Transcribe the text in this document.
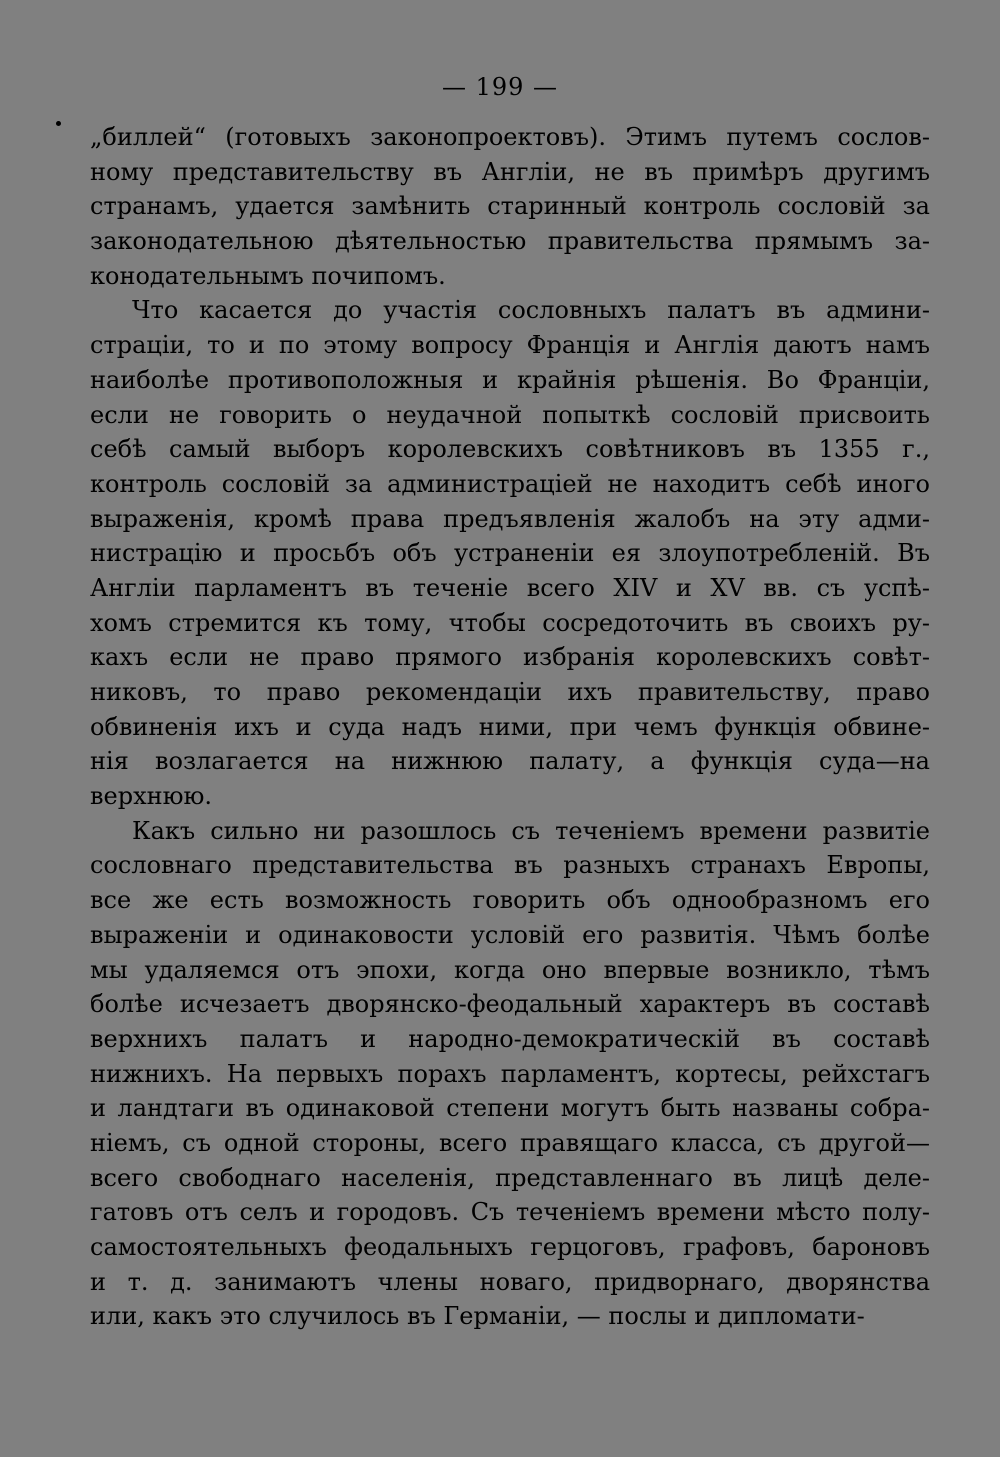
— 199 —
„биллей“ (готовыхъ законопроектовъ). Этимъ путемъ сослов-
ному представительству въ Англіи, не въ примѣръ другимъ
странамъ, удается замѣнить старинный контроль сословій за
законодательною дѣятельностью правительства прямымъ за-
конодательнымъ почипомъ.
Что касается до участія сословныхъ палатъ въ админи-
страціи, то и по этому вопросу Франція и Англія даютъ намъ
наиболѣе противоположныя и крайнія рѣшенія. Во Франціи,
если не говорить о неудачной попыткѣ сословій присвоить
себѣ самый выборъ королевскихъ совѣтниковъ въ 1355 г.,
контроль сословій за администраціей не находитъ себѣ иного
выраженія, кромѣ права предъявленія жалобъ на эту адми-
нистрацію и просьбъ объ устраненіи ея злоупотребленій. Въ
Англіи парламентъ въ теченіе всего XIV и XV вв. съ успѣ-
хомъ стремится къ тому, чтобы сосредоточить въ своихъ ру-
кахъ если не право прямого избранія королевскихъ совѣт-
никовъ, то право рекомендаціи ихъ правительству, право
обвиненія ихъ и суда надъ ними, при чемъ функція обвине-
нія возлагается на нижнюю палату, а функція суда—на
верхнюю.
Какъ сильно ни разошлось съ теченіемъ времени развитіе
сословнаго представительства въ разныхъ странахъ Европы,
все же есть возможность говорить объ однообразномъ его
выраженіи и одинаковости условій его развитія. Чѣмъ болѣе
мы удаляемся отъ эпохи, когда оно впервые возникло, тѣмъ
болѣе исчезаетъ дворянско-феодальный характеръ въ составѣ
верхнихъ палатъ и народно-демократическій въ составѣ
нижнихъ. На первыхъ порахъ парламентъ, кортесы, рейхстагъ
и ландтаги въ одинаковой степени могутъ быть названы собра-
ніемъ, съ одной стороны, всего правящаго класса, съ другой—
всего свободнаго населенія, представленнаго въ лицѣ деле-
гатовъ отъ селъ и городовъ. Съ теченіемъ времени мѣсто полу-
самостоятельныхъ феодальныхъ герцоговъ, графовъ, бароновъ
и т. д. занимаютъ члены новаго, придворнаго, дворянства
или, какъ это случилось въ Германіи, — послы и дипломати-
